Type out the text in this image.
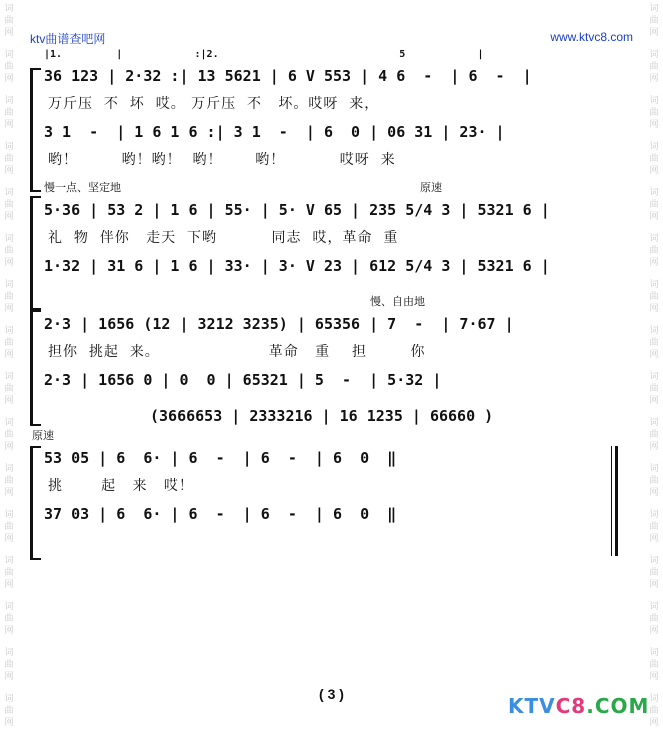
词
曲
网
词
曲
网
词
曲
网
词
曲
网
词
曲
网
词
曲
网
词
曲
网
词
曲
网
词
曲
网
词
曲
网
词
曲
网
词
曲
网
词
曲
网
词
曲
网
词
曲
网
词
曲
网
词
曲
网
词
曲
网
词
曲
网
词
曲
网
词
曲
网
词
曲
网
词
曲
网
词
曲
网
词
曲
网
词
曲
网
词
曲
网
词
曲
网
词
曲
网
词
曲
网
词
曲
网
词
曲
网
ktv曲谱查吧网	www.ktvc8.com
|1.         |            :|2.                              5            |
36 123 | 2·32 :| 13 5621 | 6 V 553 | 4 6  -  | 6  -  |
万斤压  不  坏  哎。 万斤压  不   坏。哎呀  来，
3 1  -  | 1 6 1 6 :| 3 1  -  | 6  0 | 06 31 | 23· |
哟！        哟！哟！  哟！      哟！          哎呀  来
慢一点、坚定地	原速
5·36 | 53 2 | 1 6 | 55· | 5· V 65 | 235 5/4 3 | 5321 6 |
礼  物  伴你   走天  下哟          同志  哎，革命  重
1·32 | 31 6 | 1 6 | 33· | 3· V 23 | 612 5/4 3 | 5321 6 |
慢、自由地
2·3 | 1656 (12 | 3212 3235) | 65356 | 7  -  | 7·67 |
担你  挑起  来。                    革命   重    担        你
2·3 | 1656 0 | 0  0 | 65321 | 5  -  | 5·32 |
(3666653 | 2333216 | 16 1235 | 66660 )
原速
53 05 | 6  6· | 6  -  | 6  -  | 6  0  ‖
挑       起   来   哎！
37 03 | 6  6· | 6  -  | 6  -  | 6  0  ‖
( 3 )	KTVC8.COM
